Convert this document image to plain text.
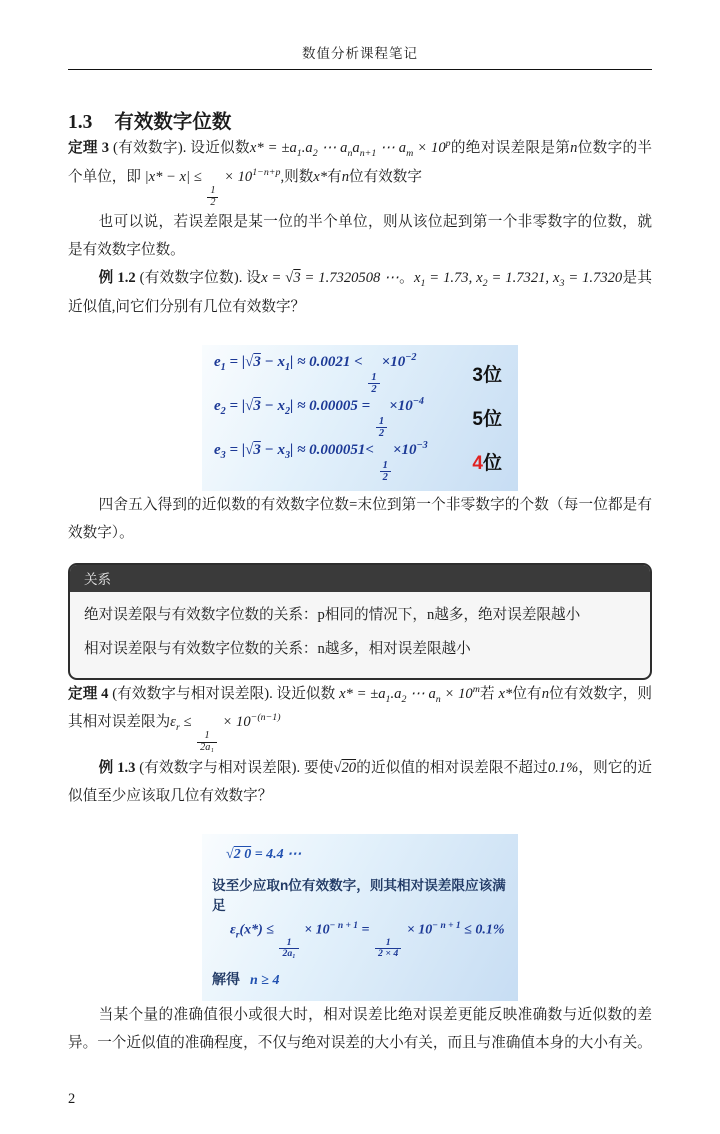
数值分析课程笔记
1.3 有效数字位数

定理 3 (有效数字). 设近似数$x* = \pm a_1.a_2$ ⋯ $a_na_{n+1}$ ⋯ $a_m \times 10^p$的绝对误差限是第n位数字的半个单位，即 |x* − x| ≤
$\frac{1}{2}$
× $10^{1-n+p}$,则数x*有n位有效数字

也可以说，若误差限是某一位的半个单位，则从该位起到第一个非零数字的位数，就是有效数字位数。

例 1.2 (有效数字位数). 设x = √3 = 1.7320508 ⋯。$x_1 = 1.73$, $x_2 = 1.7321$, $x_3 = 1.7320$是其近似值,问它们分别有几位有效数字？

$e_1 = |√3 - x_1| \approx 0.0021$ <
$\frac{1}{2}$
$\times 10^{-2}$
3位
$e_2 = |√3 - x_2| \approx 0.00005$ =
$\frac{1}{2}$
$\times 10^{-4}$
5位
$e_3 = |√3 - x_3| \approx 0.000051<$
$\frac{1}{2}$
$\times 10^{-3}$
4位

四舍五入得到的近似数的有效数字位数=末位到第一个非零数字的个数（每一位都是有效数字）。

关系
绝对误差限与有效数字位数的关系：p相同的情况下，n越多，绝对误差限越小
相对误差限与有效数字位数的关系：n越多，相对误差限越小

定理 4 (有效数字与相对误差限). 设近似数 $x* = \pm a_1.a_2$ ⋯ $a_n \times 10^m$若 x*位有n位有效数字，则其相对误差限为$\varepsilon_r$ ≤
$\frac{1}{\text{2a₁}}$
× $10^{-(n-1)}$

例 1.3 (有效数字与相对误差限). 要使√20的近似值的相对误差限不超过0.1%，则它的近似值至少应该取几位有效数字？

√2 0 = 4.4 ⋯
设至少应取n位有效数字，则其相对误差限应该满足
$\varepsilon_r(x*)$ ≤
$\frac{1}{\text{2a₁}}$
× $10^{- n + 1}$ =
$\frac{1}{2 \times 4}$
× $10^{- n + 1} \le 0.1\%$
解得 n ≥ 4

当某个量的准确值很小或很大时，相对误差比绝对误差更能反映准确数与近似数的差异。一个近似值的准确程度，不仅与绝对误差的大小有关，而且与准确值本身的大小有关。

2
